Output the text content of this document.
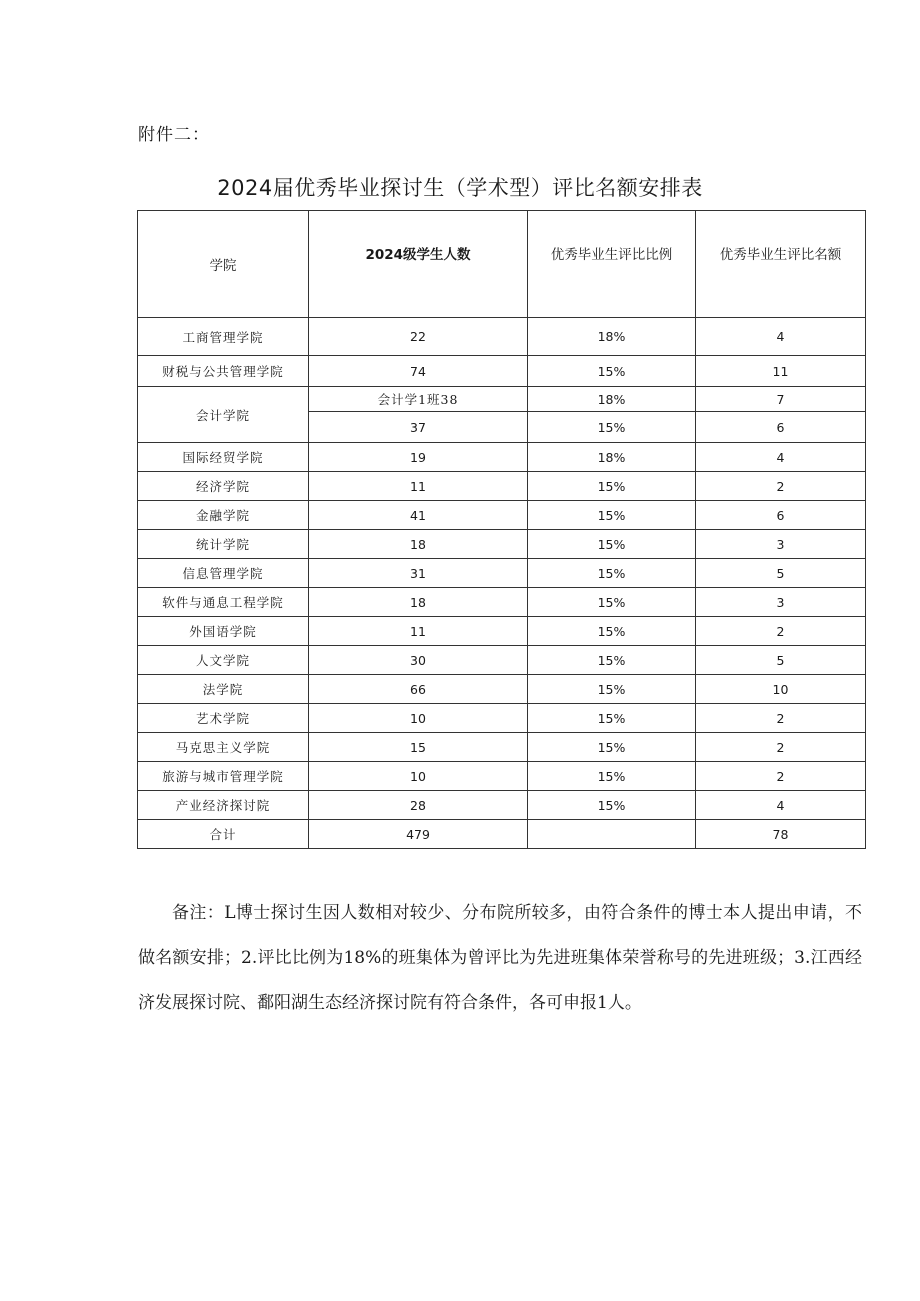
附件二：
2024届优秀毕业探讨生（学术型）评比名额安排表
学院	2024级学生人数	优秀毕业生评比比例	优秀毕业生评比名额
工商管理学院	22	18%	4
财税与公共管理学院	74	15%	11
会计学院	会计学1班38	18%	7
	37	15%	6
国际经贸学院	19	18%	4
经济学院	11	15%	2
金融学院	41	15%	6
统计学院	18	15%	3
信息管理学院	31	15%	5
软件与通息工程学院	18	15%	3
外国语学院	11	15%	2
人文学院	30	15%	5
法学院	66	15%	10
艺术学院	10	15%	2
马克思主义学院	15	15%	2
旅游与城市管理学院	10	15%	2
产业经济探讨院	28	15%	4
合计	479		78

备注：L博士探讨生因人数相对较少、分布院所较多，由符合条件的博士本人提出申请，不做名额安排；2.评比比例为18%的班集体为曾评比为先进班集体荣誉称号的先进班级；3.江西经济发展探讨院、鄱阳湖生态经济探讨院有符合条件，各可申报1人。
